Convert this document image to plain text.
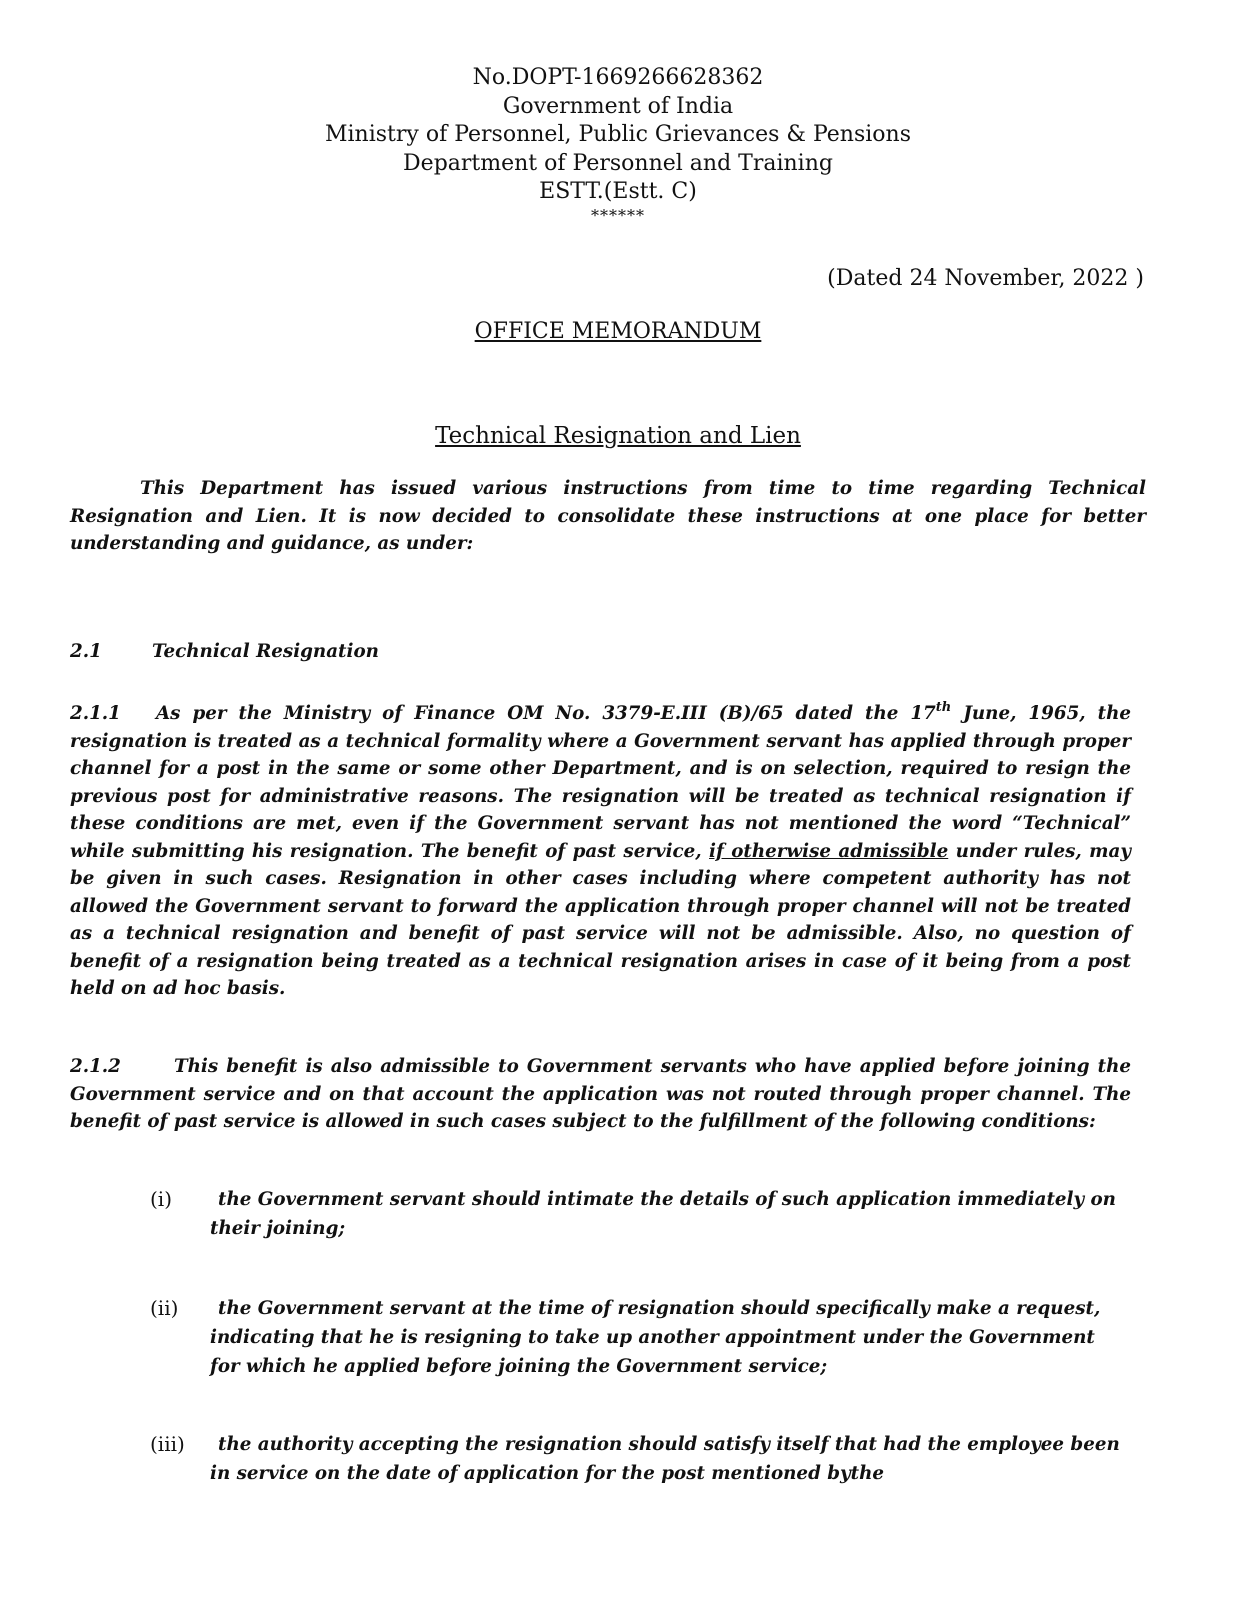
No.DOPT-1669266628362
Government of India
Ministry of Personnel, Public Grievances & Pensions
Department of Personnel and Training
ESTT.(Estt. C)
******
(Dated 24 November, 2022 )
OFFICE MEMORANDUM
Technical Resignation and Lien
This Department has issued various instructions from time to time regarding Technical Resignation and Lien. It is now decided to consolidate these instructions at one place for better understanding and guidance, as under:
2.1	Technical Resignation
2.1.1 As per the Ministry of Finance OM No. 3379-E.III (B)/65 dated the 17th June, 1965, the resignation is treated as a technical formality where a Government servant has applied through proper channel for a post in the same or some other Department, and is on selection, required to resign the previous post for administrative reasons. The resignation will be treated as technical resignation if these conditions are met, even if the Government servant has not mentioned the word “Technical” while submitting his resignation. The benefit of past service, if otherwise admissible under rules, may be given in such cases. Resignation in other cases including where competent authority has not allowed the Government servant to forward the application through proper channel will not be treated as a technical resignation and benefit of past service will not be admissible. Also, no question of benefit of a resignation being treated as a technical resignation arises in case of it being from a post held on ad hoc basis.
2.1.2	This benefit is also admissible to Government servants who have applied before joining the Government service and on that account the application was not routed through proper channel. The benefit of past service is allowed in such cases subject to the fulfillment of the following conditions:
(i)	the Government servant should intimate the details of such application immediately on their joining;
(ii)	the Government servant at the time of resignation should specifically make a request, indicating that he is resigning to take up another appointment under the Government for which he applied before joining the Government service;
(iii)	the authority accepting the resignation should satisfy itself that had the employee been in service on the date of application for the post mentioned bythe
